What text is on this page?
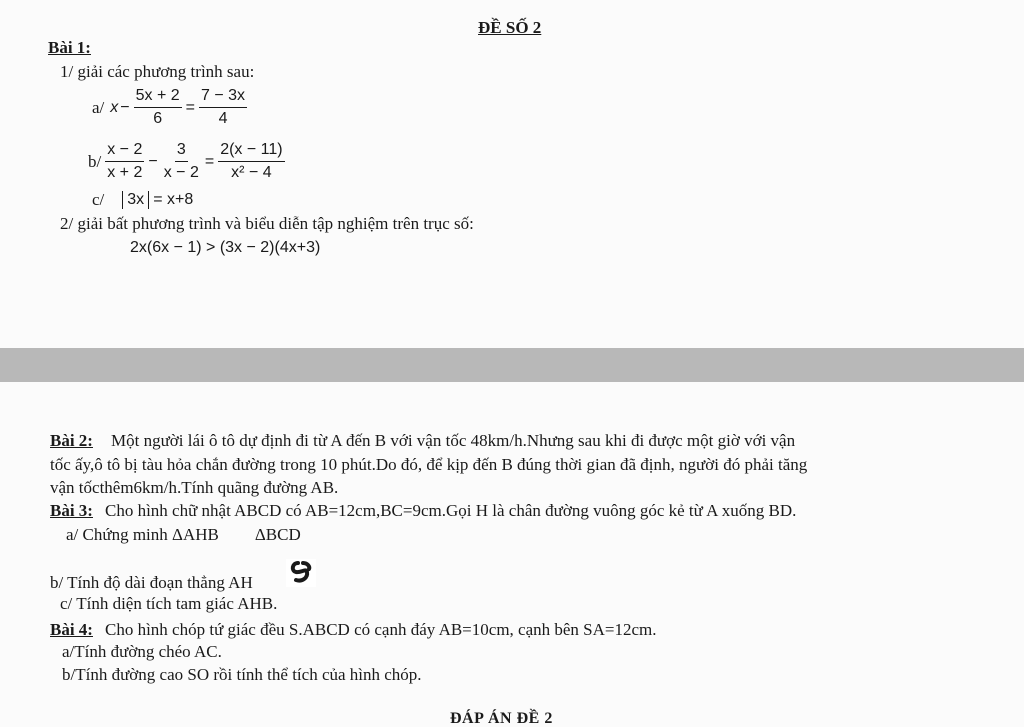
ĐỀ SỐ 2
Bài 1:
1/ giải các phương trình sau:
a/ $x - \frac{5x + 2}{6} = \frac{7 - 3x}{4}$
$b/ \frac{x - 2}{x + 2} - \frac{3}{x - 2} = \frac{2(x - 11)}{\text{x² − 4}}$
c/	3x = x+8
2/ giải bất phương trình và biểu diễn tập nghiệm trên trục số:
2x(6x − 1) > (3x − 2)(4x+3)
Bài 2: Một người lái ô tô dự định đi từ A đến B với vận tốc 48km/h.Nhưng sau khi đi được một giờ với vận
tốc ấy,ô tô bị tàu hỏa chắn đường trong 10 phút.Do đó, để kịp đến B đúng thời gian đã định, người đó phải tăng
vận tốcthêm6km/h.Tính quãng đường AB.
Bài 3: Cho hình chữ nhật ABCD có AB=12cm,BC=9cm.Gọi H là chân đường vuông góc kẻ từ A xuống BD.
a/ Chứng minh ΔAHB ΔBCD
b/ Tính độ dài đoạn thẳng AH
c/ Tính diện tích tam giác AHB.
Bài 4: Cho hình chóp tứ giác đều S.ABCD có cạnh đáy AB=10cm, cạnh bên SA=12cm.
a/Tính đường chéo AC.
b/Tính đường cao SO rồi tính thể tích của hình chóp.
ĐÁP ÁN ĐỀ 2
